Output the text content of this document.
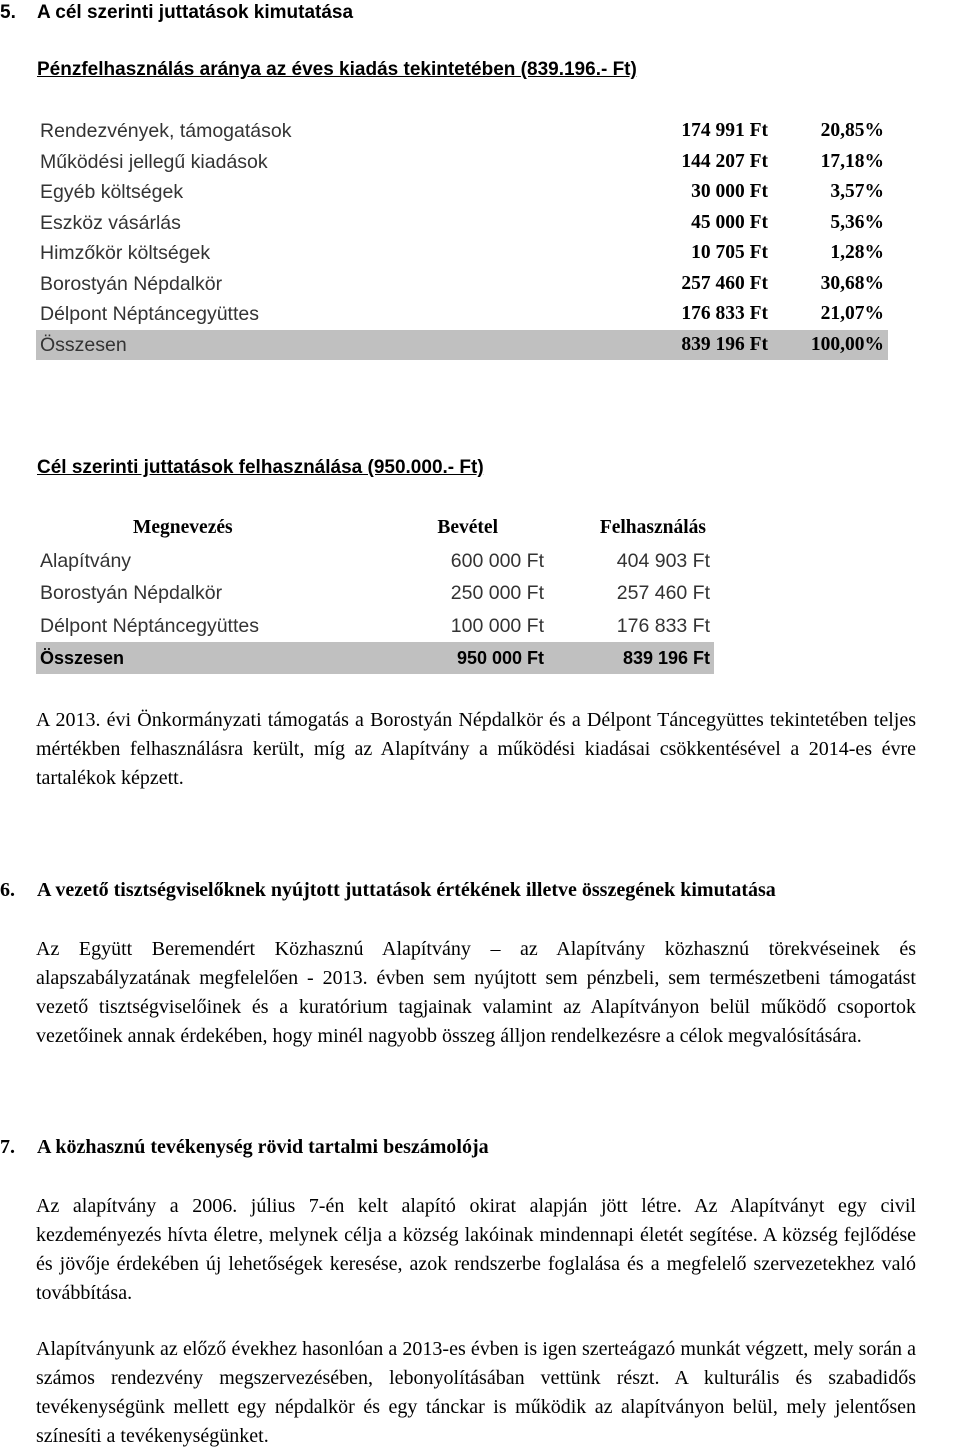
5. A cél szerinti juttatások kimutatása
Pénzfelhasználás aránya az éves kiadás tekintetében (839.196.- Ft)
Rendezvények, támogatások	174 991 Ft	20,85%
Működési jellegű kiadások	144 207 Ft	17,18%
Egyéb költségek	30 000 Ft	3,57%
Eszköz vásárlás	45 000 Ft	5,36%
Himzőkör költségek	10 705 Ft	1,28%
Borostyán Népdalkör	257 460 Ft	30,68%
Délpont Néptáncegyüttes	176 833 Ft	21,07%
Összesen	839 196 Ft 100,00%
Cél szerinti juttatások felhasználása (950.000.- Ft)
Megnevezés	Bevétel	Felhasználás
Alapítvány	600 000 Ft	404 903 Ft
Borostyán Népdalkör	250 000 Ft	257 460 Ft
Délpont Néptáncegyüttes	100 000 Ft	176 833 Ft
Összesen	950 000 Ft	839 196 Ft
A 2013. évi Önkormányzati támogatás a Borostyán Népdalkör és a Délpont Táncegyüttes tekintetében teljes mértékben felhasználásra került, míg az Alapítvány a működési kiadásai csökkentésével a 2014-es évre tartalékok képzett.
6. A vezető tisztségviselőknek nyújtott juttatások értékének illetve összegének kimutatása
Az Együtt Beremendért Közhasznú Alapítvány – az Alapítvány közhasznú törekvéseinek és alapszabályzatának megfelelően - 2013. évben sem nyújtott sem pénzbeli, sem természetbeni támogatást vezető tisztségviselőinek és a kuratórium tagjainak valamint az Alapítványon belül működő csoportok vezetőinek annak érdekében, hogy minél nagyobb összeg álljon rendelkezésre a célok megvalósítására.
7. A közhasznú tevékenység rövid tartalmi beszámolója
Az alapítvány a 2006. július 7-én kelt alapító okirat alapján jött létre. Az Alapítványt egy civil kezdeményezés hívta életre, melynek célja a község lakóinak mindennapi életét segítése. A község fejlődése és jövője érdekében új lehetőségek keresése, azok rendszerbe foglalása és a megfelelő szervezetekhez való továbbítása.
Alapítványunk az előző évekhez hasonlóan a 2013-es évben is igen szerteágazó munkát végzett, mely során a számos rendezvény megszervezésében, lebonyolításában vettünk részt. A kulturális és szabadidős tevékenységünk mellett egy népdalkör és egy tánckar is működik az alapítványon belül, mely jelentősen színesíti a tevékenységünket.
